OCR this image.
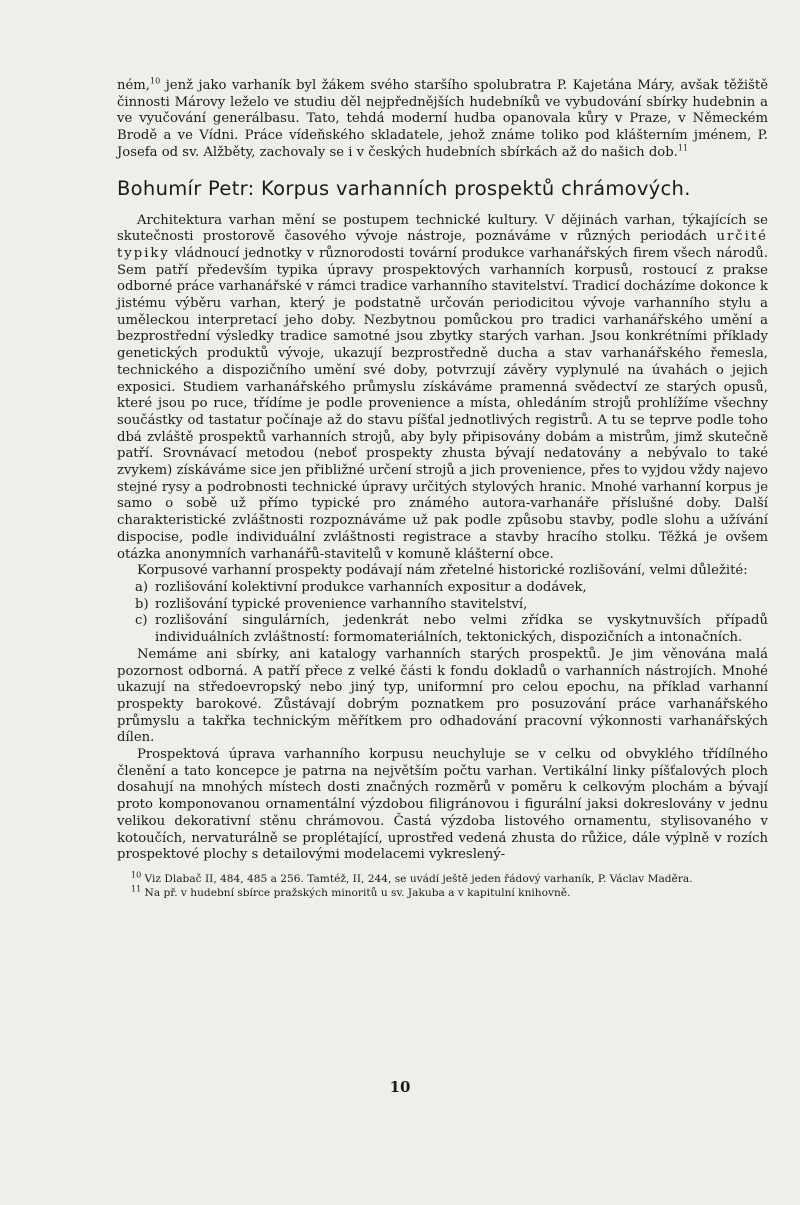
ném,$^{10}$ jenž jako varhaník byl žákem svého staršího spolubratra P. Kajetána Máry, avšak těžiště činnosti Márovy leželo ve studiu děl nejpřednějších hudebníků ve vybudování sbírky hudebnin a ve vyučování generálbasu. Tato, tehdá moderní hudba opanovala kůry v Praze, v Německém Brodě a ve Vídni. Práce vídeňského skladatele, jehož známe toliko pod klášterním jménem, P. Josefa od sv. Alžběty, zachovaly se i v českých hudebních sbírkách až do našich dob.$^{11}$

Bohumír Petr: Korpus varhanních prospektů chrámových.

Architektura varhan mění se postupem technické kultury. V dějinách varhan, týkajících se skutečnosti prostorově časového vývoje nástroje, poznáváme v různých periodách určité typiky vládnoucí jednotky v různorodosti tovární produkce varhanářských firem všech národů. Sem patří především typika úpravy prospektových varhanních korpusů, rostoucí z prakse odborné práce varhanářské v rámci tradice varhanního stavitelství. Tradicí docházíme dokonce k jistému výběru varhan, který je podstatně určován periodicitou vývoje varhanního stylu a uměleckou interpretací jeho doby. Nezbytnou pomůckou pro tradici varhanářského umění a bezprostřední výsledky tradice samotné jsou zbytky starých varhan. Jsou konkrétními příklady genetických produktů vývoje, ukazují bezprostředně ducha a stav varhanářského řemesla, technického a dispozičního umění své doby, potvrzují závěry vyplynulé na úvahách o jejich exposici. Studiem varhanářského průmyslu získáváme pramenná svědectví ze starých opusů, které jsou po ruce, třídíme je podle provenience a místa, ohledáním strojů prohlížíme všechny součástky od tastatur počínaje až do stavu píšťal jednotlivých registrů. A tu se teprve podle toho dbá zvláště prospektů varhanních strojů, aby byly připisovány dobám a mistrům, jimž skutečně patří. Srovnávací metodou (neboť prospekty zhusta bývají nedatovány a nebývalo to také zvykem) získáváme sice jen přibližné určení strojů a jich provenience, přes to vyjdou vždy najevo stejné rysy a podrobnosti technické úpravy určitých stylových hranic. Mnohé varhanní korpus je samo o sobě už přímo typické pro známého autora-varhanáře příslušné doby. Další charakteristické zvláštnosti rozpoznáváme už pak podle způsobu stavby, podle slohu a užívání dispocise, podle individuální zvláštnosti registrace a stavby hracího stolku. Těžká je ovšem otázka anonymních varhanářů-stavitelů v komuně klášterní obce.

Korpusové varhanní prospekty podávají nám zřetelné historické rozlišování, velmi důležité:

a) rozlišování kolektivní produkce varhanních expositur a dodávek,
b) rozlišování typické provenience varhanního stavitelství,
c) rozlišování singulárních, jedenkrát nebo velmi zřídka se vyskytnuvších případů individuálních zvláštností: formomateriálních, tektonických, dispozičních a intonačních.

Nemáme ani sbírky, ani katalogy varhanních starých prospektů. Je jim věnována malá pozornost odborná. A patří přece z velké části k fondu dokladů o varhanních nástrojích. Mnohé ukazují na středoevropský nebo jiný typ, uniformní pro celou epochu, na příklad varhanní prospekty barokové. Zůstávají dobrým poznatkem pro posuzování práce varhanářského průmyslu a takřka technickým měřítkem pro odhadování pracovní výkonnosti varhanářských dílen.

Prospektová úprava varhanního korpusu neuchylujе se v celku od obvyklého třídílného členění a tato koncepce je patrna na největším počtu varhan. Vertikální linky píšťalových ploch dosahují na mnohých místech dosti značných rozměrů v poměru k celkovým plochám a bývají proto komponovanou ornamentální výzdobou filigránovou i figurální jaksi dokreslovány v jednu velikou dekorativní stěnu chrámovou. Častá výzdoba listového ornamentu, stylisovaného v kotoučích, nervaturálně se proplétající, uprostřed vedená zhusta do růžice, dále výplně v rozích prospektové plochy s detailovými modelacemi vykreslený-

$^{10}$ Viz Dlabač II, 484, 485 a 256. Tamtéž, II, 244, se uvádí ještě jeden řádový varhaník, P. Václav Maděra.

$^{11}$ Na př. v hudební sbírce pražských minoritů u sv. Jakuba a v kapitulní knihovně.

10
